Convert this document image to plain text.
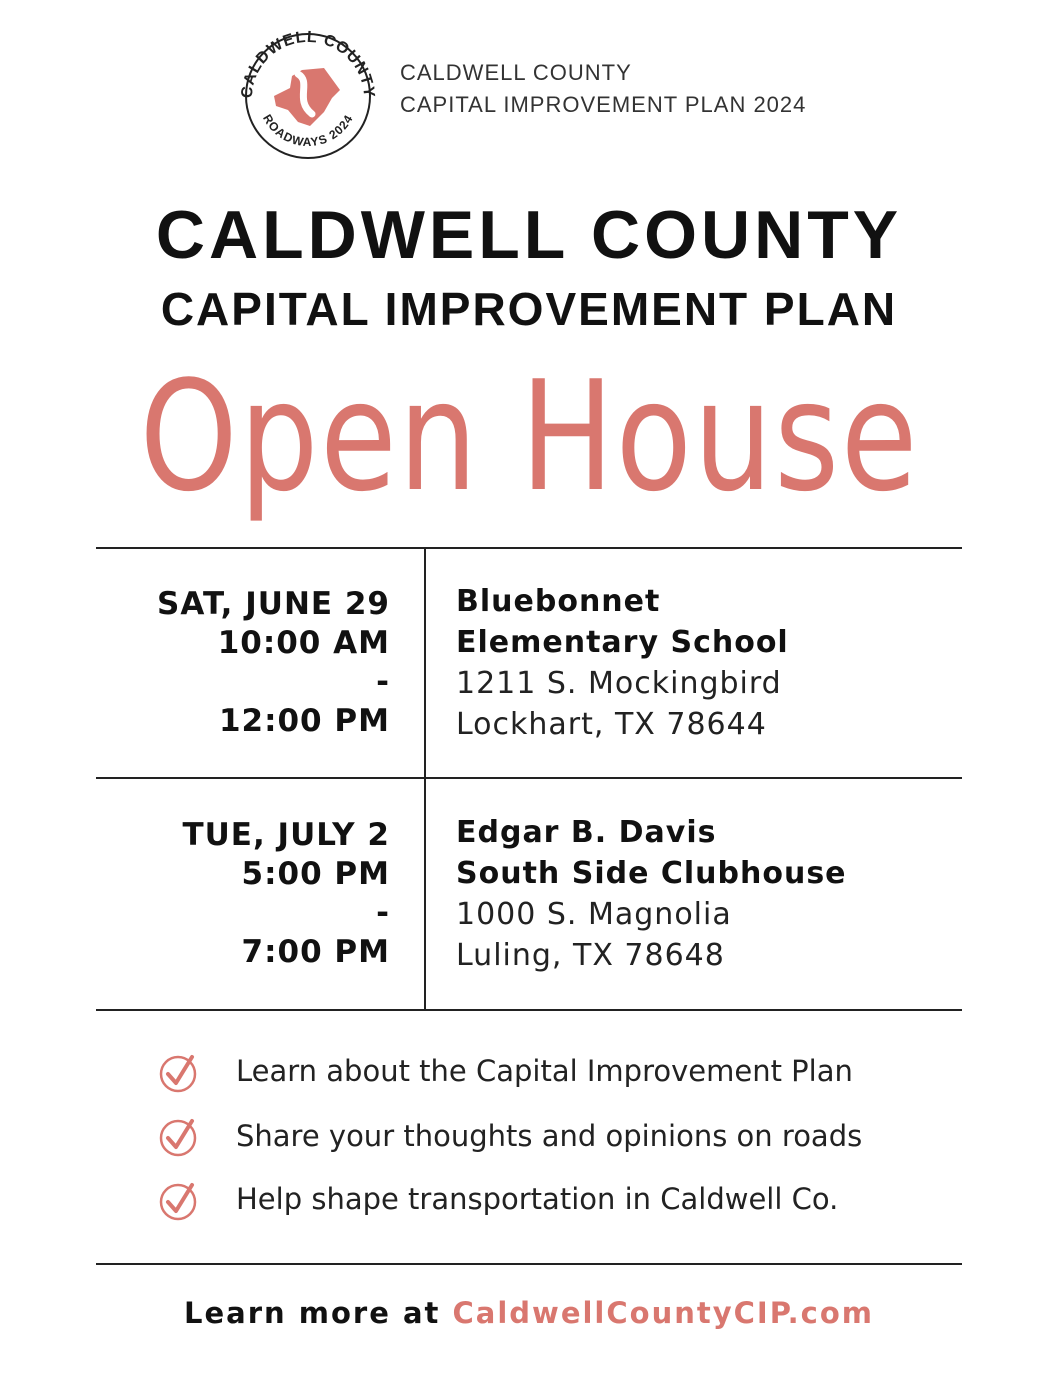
CALDWELL COUNTY
ROADWAYS 2024
CALDWELL COUNTY
CAPITAL IMPROVEMENT PLAN 2024
CALDWELL COUNTY
CAPITAL IMPROVEMENT PLAN
Open House
SAT, JUNE 29
10:00 AM
-
12:00 PM
Bluebonnet
Elementary School
1211 S. Mockingbird
Lockhart, TX 78644
TUE, JULY 2
5:00 PM
-
7:00 PM
Edgar B. Davis
South Side Clubhouse
1000 S. Magnolia
Luling, TX 78648
Learn about the Capital Improvement Plan
Share your thoughts and opinions on roads
Help shape transportation in Caldwell Co.
Learn more at CaldwellCountyCIP.com
